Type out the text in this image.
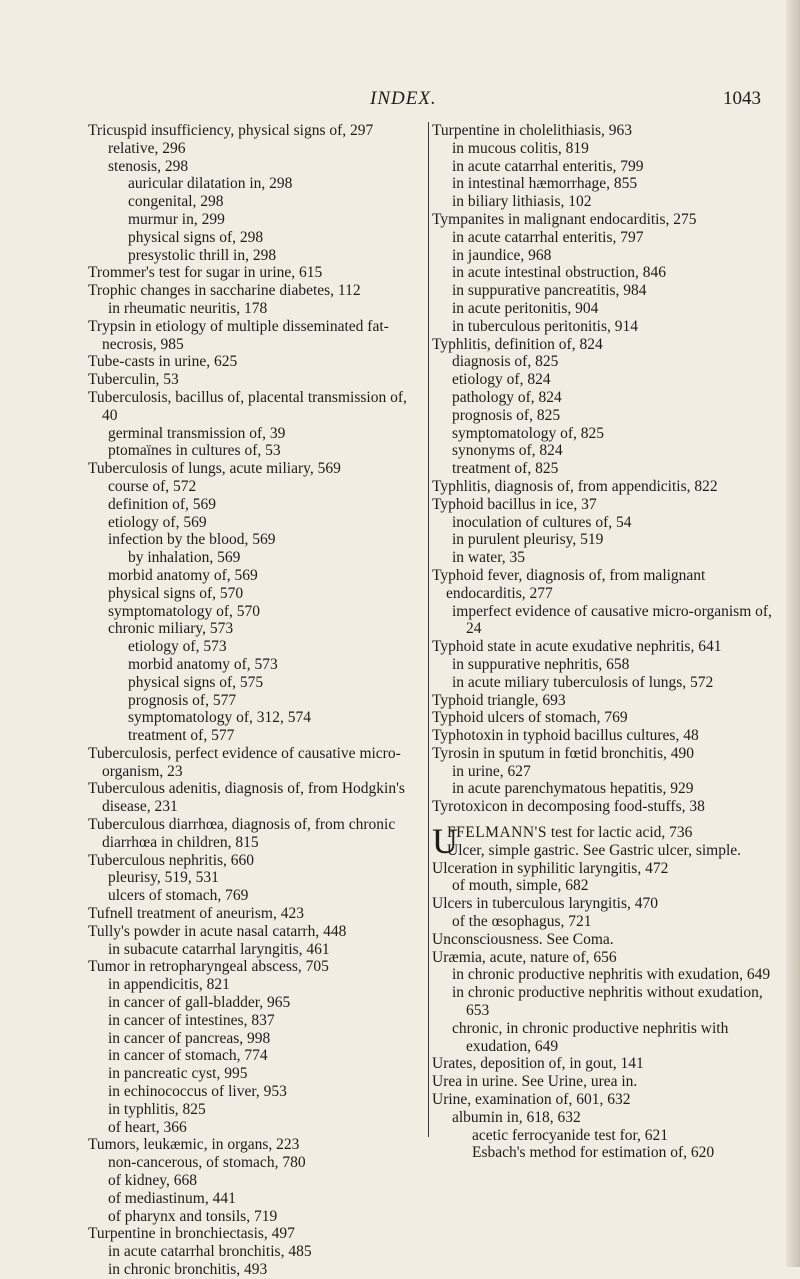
INDEX.	1043

Tricuspid insufficiency, physical signs of, 297

relative, 296

stenosis, 298

auricular dilatation in, 298

congenital, 298

murmur in, 299

physical signs of, 298

presystolic thrill in, 298

Trommer's test for sugar in urine, 615

Trophic changes in saccharine diabetes, 112

in rheumatic neuritis, 178

Trypsin in etiology of multiple disseminated fat-necrosis, 985

Tube-casts in urine, 625

Tuberculin, 53

Tuberculosis, bacillus of, placental transmission of, 40

germinal transmission of, 39

ptomaïnes in cultures of, 53

Tuberculosis of lungs, acute miliary, 569

course of, 572

definition of, 569

etiology of, 569

infection by the blood, 569

by inhalation, 569

morbid anatomy of, 569

physical signs of, 570

symptomatology of, 570

chronic miliary, 573

etiology of, 573

morbid anatomy of, 573

physical signs of, 575

prognosis of, 577

symptomatology of, 312, 574

treatment of, 577

Tuberculosis, perfect evidence of causative micro-organism, 23

Tuberculous adenitis, diagnosis of, from Hodgkin's disease, 231

Tuberculous diarrhœa, diagnosis of, from chronic diarrhœa in children, 815

Tuberculous nephritis, 660

pleurisy, 519, 531

ulcers of stomach, 769

Tufnell treatment of aneurism, 423

Tully's powder in acute nasal catarrh, 448

in subacute catarrhal laryngitis, 461

Tumor in retropharyngeal abscess, 705

in appendicitis, 821

in cancer of gall-bladder, 965

in cancer of intestines, 837

in cancer of pancreas, 998

in cancer of stomach, 774

in pancreatic cyst, 995

in echinococcus of liver, 953

in typhlitis, 825

of heart, 366

Tumors, leukæmic, in organs, 223

non-cancerous, of stomach, 780

of kidney, 668

of mediastinum, 441

of pharynx and tonsils, 719

Turpentine in bronchiectasis, 497

in acute catarrhal bronchitis, 485

in chronic bronchitis, 493

Turpentine in cholelithiasis, 963

in mucous colitis, 819

in acute catarrhal enteritis, 799

in intestinal hæmorrhage, 855

in biliary lithiasis, 102

Tympanites in malignant endocarditis, 275

in acute catarrhal enteritis, 797

in jaundice, 968

in acute intestinal obstruction, 846

in suppurative pancreatitis, 984

in acute peritonitis, 904

in tuberculous peritonitis, 914

Typhlitis, definition of, 824

diagnosis of, 825

etiology of, 824

pathology of, 824

prognosis of, 825

symptomatology of, 825

synonyms of, 824

treatment of, 825

Typhlitis, diagnosis of, from appendicitis, 822

Typhoid bacillus in ice, 37

inoculation of cultures of, 54

in purulent pleurisy, 519

in water, 35

Typhoid fever, diagnosis of, from malignant endocarditis, 277

imperfect evidence of causative micro-organism of, 24

Typhoid state in acute exudative nephritis, 641

in suppurative nephritis, 658

in acute miliary tuberculosis of lungs, 572

Typhoid triangle, 693

Typhoid ulcers of stomach, 769

Typhotoxin in typhoid bacillus cultures, 48

Tyrosin in sputum in fœtid bronchitis, 490

in urine, 627

in acute parenchymatous hepatitis, 929

Tyrotoxicon in decomposing food-stuffs, 38

U
FFELMANN'S test for lactic acid, 736

Ulcer, simple gastric. See Gastric ulcer, simple.

Ulceration in syphilitic laryngitis, 472

of mouth, simple, 682

Ulcers in tuberculous laryngitis, 470

of the œsophagus, 721

Unconsciousness. See Coma.

Uræmia, acute, nature of, 656

in chronic productive nephritis with exudation, 649

in chronic productive nephritis without exudation, 653

chronic, in chronic productive nephritis with exudation, 649

Urates, deposition of, in gout, 141

Urea in urine. See Urine, urea in.

Urine, examination of, 601, 632

albumin in, 618, 632

acetic ferrocyanide test for, 621

Esbach's method for estimation of, 620
